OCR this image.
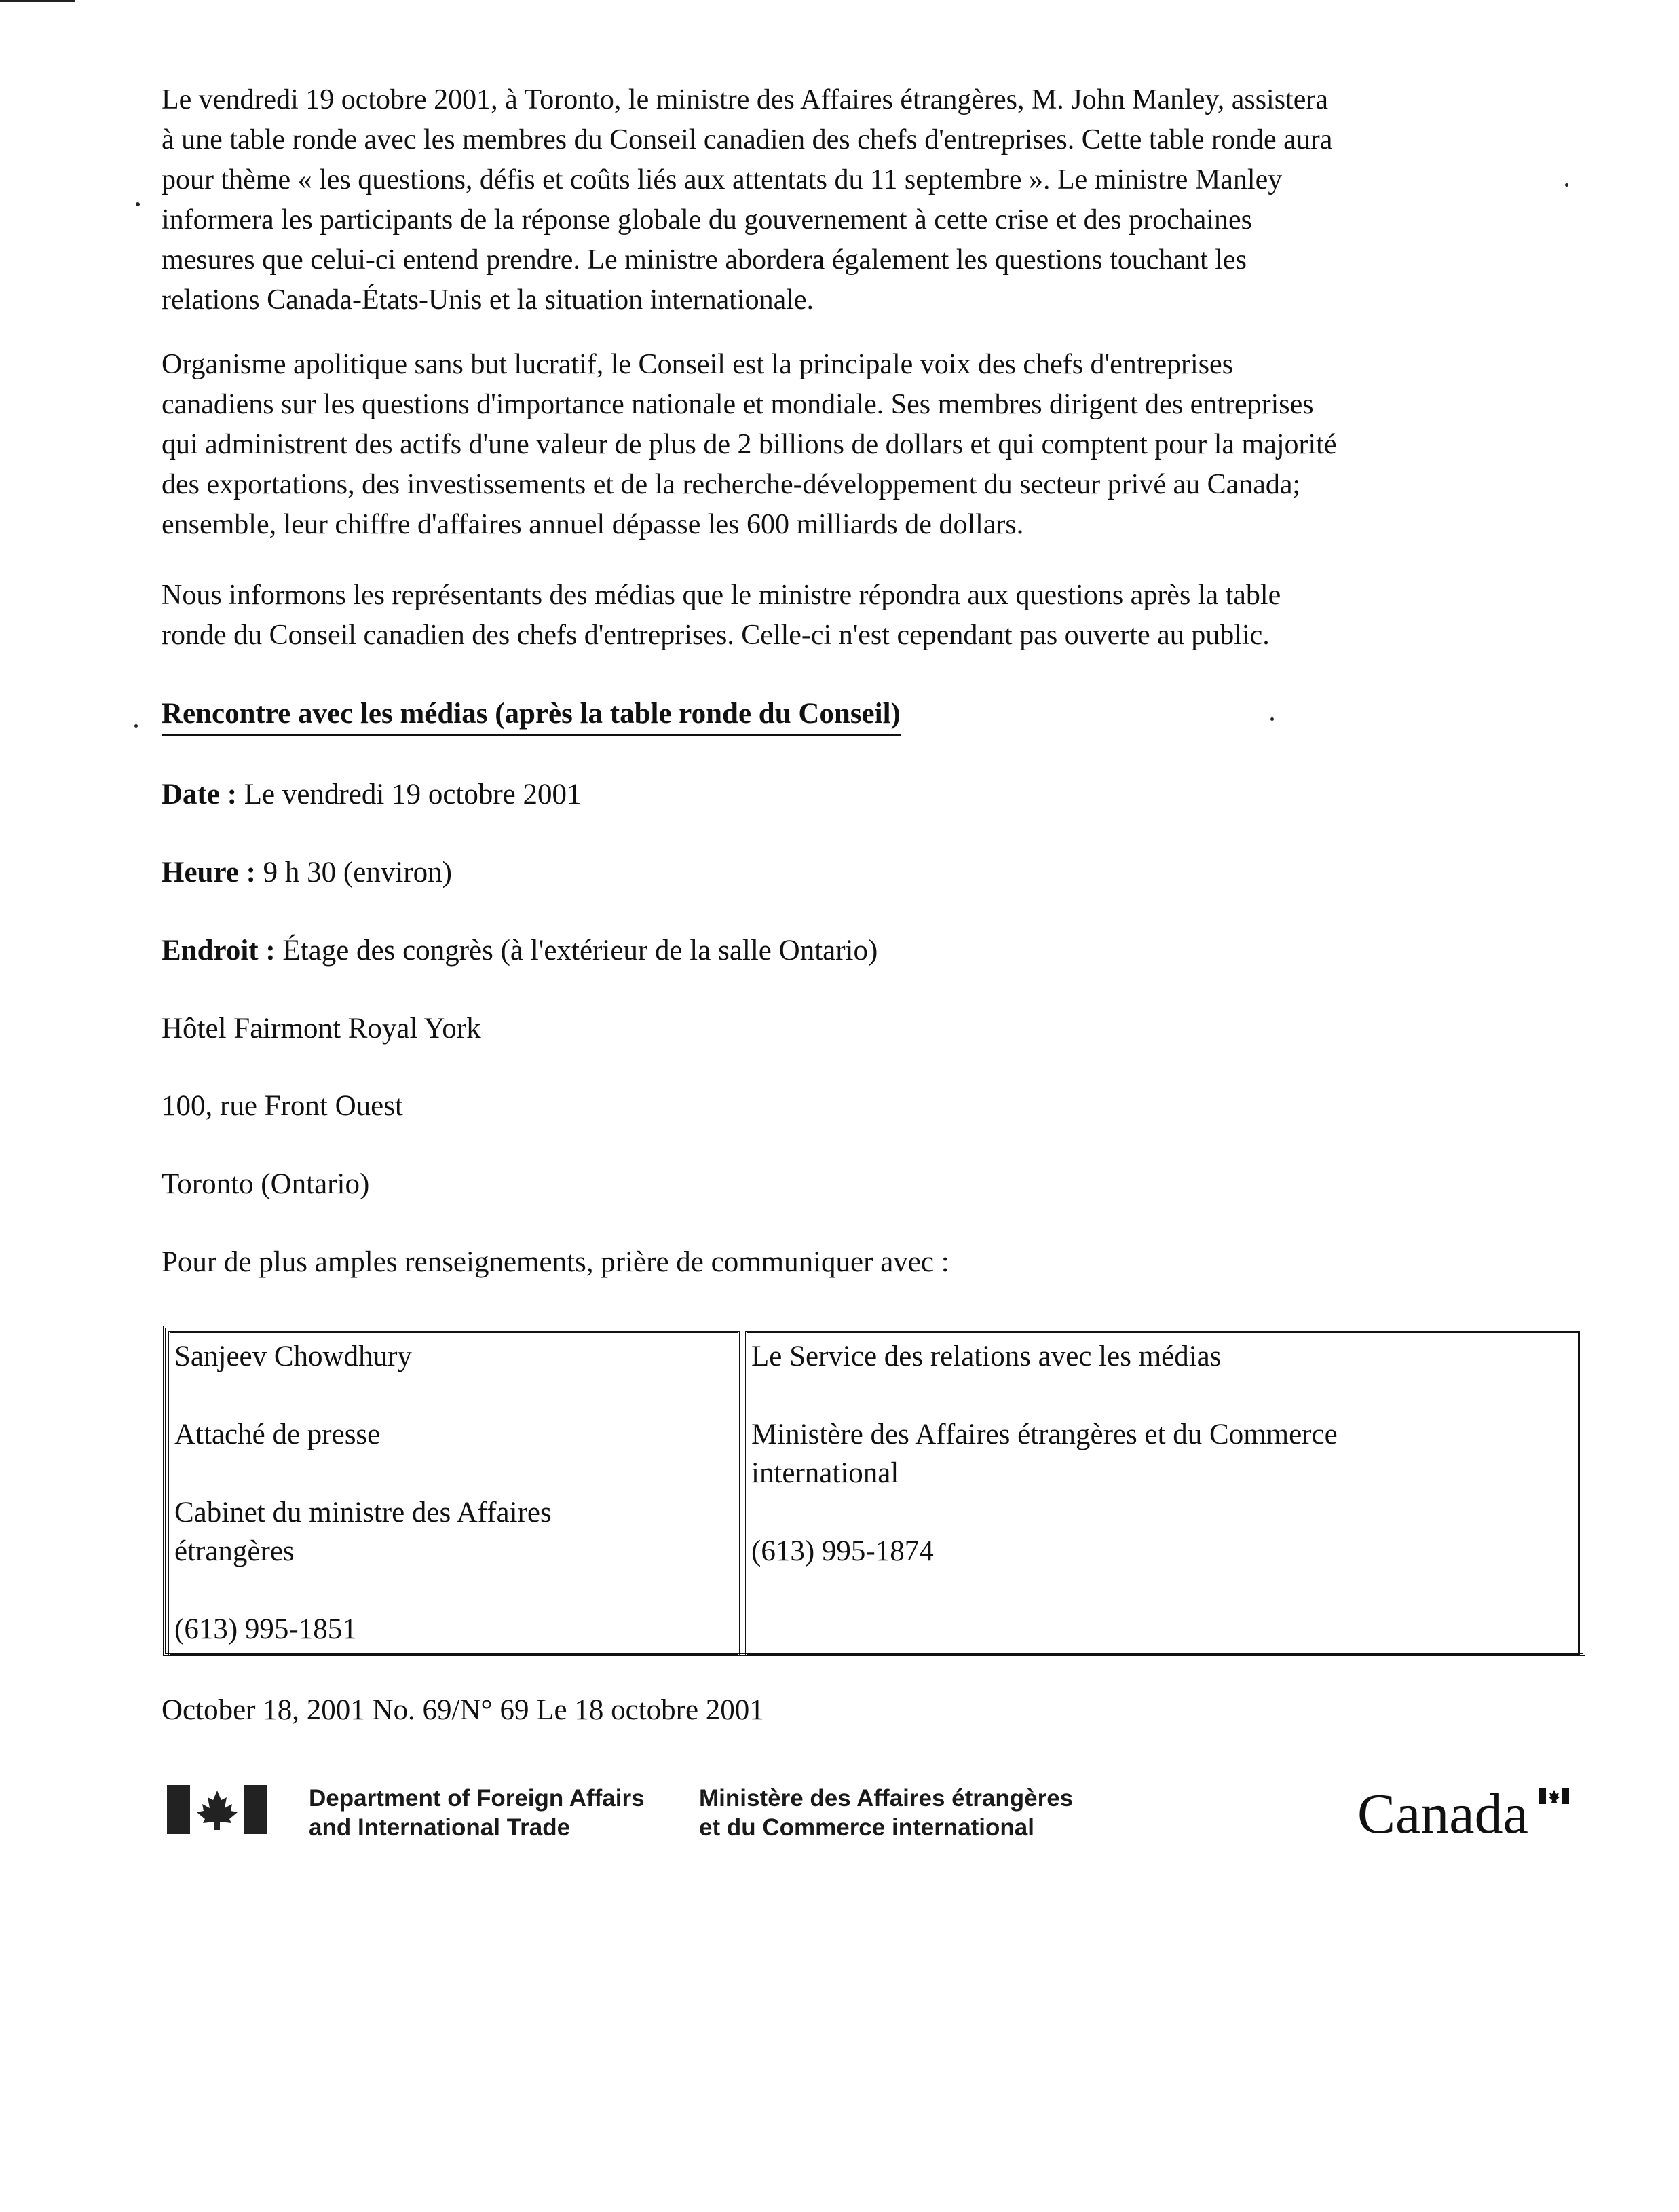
Le vendredi 19 octobre 2001, à Toronto, le ministre des Affaires étrangères, M. John Manley, assistera
à une table ronde avec les membres du Conseil canadien des chefs d'entreprises. Cette table ronde aura
pour thème « les questions, défis et coûts liés aux attentats du 11 septembre ». Le ministre Manley
informera les participants de la réponse globale du gouvernement à cette crise et des prochaines
mesures que celui-ci entend prendre. Le ministre abordera également les questions touchant les
relations Canada-États-Unis et la situation internationale.

Organisme apolitique sans but lucratif, le Conseil est la principale voix des chefs d'entreprises
canadiens sur les questions d'importance nationale et mondiale. Ses membres dirigent des entreprises
qui administrent des actifs d'une valeur de plus de 2 billions de dollars et qui comptent pour la majorité
des exportations, des investissements et de la recherche-développement du secteur privé au Canada;
ensemble, leur chiffre d'affaires annuel dépasse les 600 milliards de dollars.

Nous informons les représentants des médias que le ministre répondra aux questions après la table
ronde du Conseil canadien des chefs d'entreprises. Celle-ci n'est cependant pas ouverte au public.

Rencontre avec les médias (après la table ronde du Conseil)
Date : Le vendredi 19 octobre 2001
Heure : 9 h 30 (environ)
Endroit : Étage des congrès (à l'extérieur de la salle Ontario)
Hôtel Fairmont Royal York
100, rue Front Ouest
Toronto (Ontario)
Pour de plus amples renseignements, prière de communiquer avec :

Sanjeev Chowdhury

Attaché de presse

Cabinet du ministre des Affaires
étrangères

(613) 995-1851

Le Service des relations avec les médias

Ministère des Affaires étrangères et du Commerce
international

(613) 995-1874

October 18, 2001 No. 69/N° 69 Le 18 octobre 2001
Department of Foreign Affairs
and International Trade
Ministère des Affaires étrangères
et du Commerce international	Canada
